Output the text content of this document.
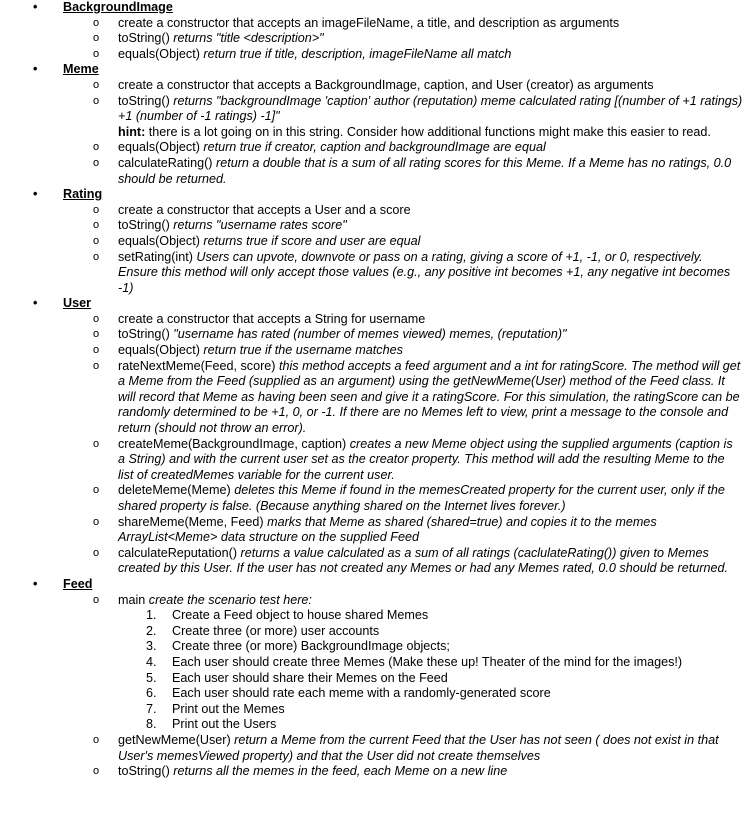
• BackgroundImage
o create a constructor that accepts an imageFileName, a title, and description as arguments
o toString() returns "title <description>"
o equals(Object) return true if title, description, imageFileName all match
• Meme
o create a constructor that accepts a BackgroundImage, caption, and User (creator) as arguments
o toString() returns "backgroundImage 'caption' author (reputation) meme calculated rating [(number of +1 ratings) +1 (number of -1 ratings) -1]"
hint: there is a lot going on in this string. Consider how additional functions might make this easier to read.
o equals(Object) return true if creator, caption and backgroundImage are equal
o calculateRating() return a double that is a sum of all rating scores for this Meme. If a Meme has no ratings, 0.0 should be returned.
• Rating
o create a constructor that accepts a User and a score
o toString() returns "username rates score"
o equals(Object) returns true if score and user are equal
o setRating(int) Users can upvote, downvote or pass on a rating, giving a score of +1, -1, or 0, respectively. Ensure this method will only accept those values (e.g., any positive int becomes +1, any negative int becomes -1)
• User
o create a constructor that accepts a String for username
o toString() "username has rated (number of memes viewed) memes, (reputation)"
o equals(Object) return true if the username matches
o rateNextMeme(Feed, score) this method accepts a feed argument and a int for ratingScore. The method will get a Meme from the Feed (supplied as an argument) using the getNewMeme(User) method of the Feed class. It will record that Meme as having been seen and give it a ratingScore. For this simulation, the ratingScore can be randomly determined to be +1, 0, or -1. If there are no Memes left to view, print a message to the console and return (should not throw an error).
o createMeme(BackgroundImage, caption) creates a new Meme object using the supplied arguments (caption is a String) and with the current user set as the creator property. This method will add the resulting Meme to the list of createdMemes variable for the current user.
o deleteMeme(Meme) deletes this Meme if found in the memesCreated property for the current user, only if the shared property is false. (Because anything shared on the Internet lives forever.)
o shareMeme(Meme, Feed) marks that Meme as shared (shared=true) and copies it to the memes ArrayList<Meme> data structure on the supplied Feed
o calculateReputation() returns a value calculated as a sum of all ratings (caclulateRating()) given to Memes created by this User. If the user has not created any Memes or had any Memes rated, 0.0 should be returned.
• Feed
o main create the scenario test here:
1. Create a Feed object to house shared Memes
2. Create three (or more) user accounts
3. Create three (or more) BackgroundImage objects;
4. Each user should create three Memes (Make these up! Theater of the mind for the images!)
5. Each user should share their Memes on the Feed
6. Each user should rate each meme with a randomly-generated score
7. Print out the Memes
8. Print out the Users
o getNewMeme(User) return a Meme from the current Feed that the User has not seen ( does not exist in that User's memesViewed property) and that the User did not create themselves
o toString() returns all the memes in the feed, each Meme on a new line
